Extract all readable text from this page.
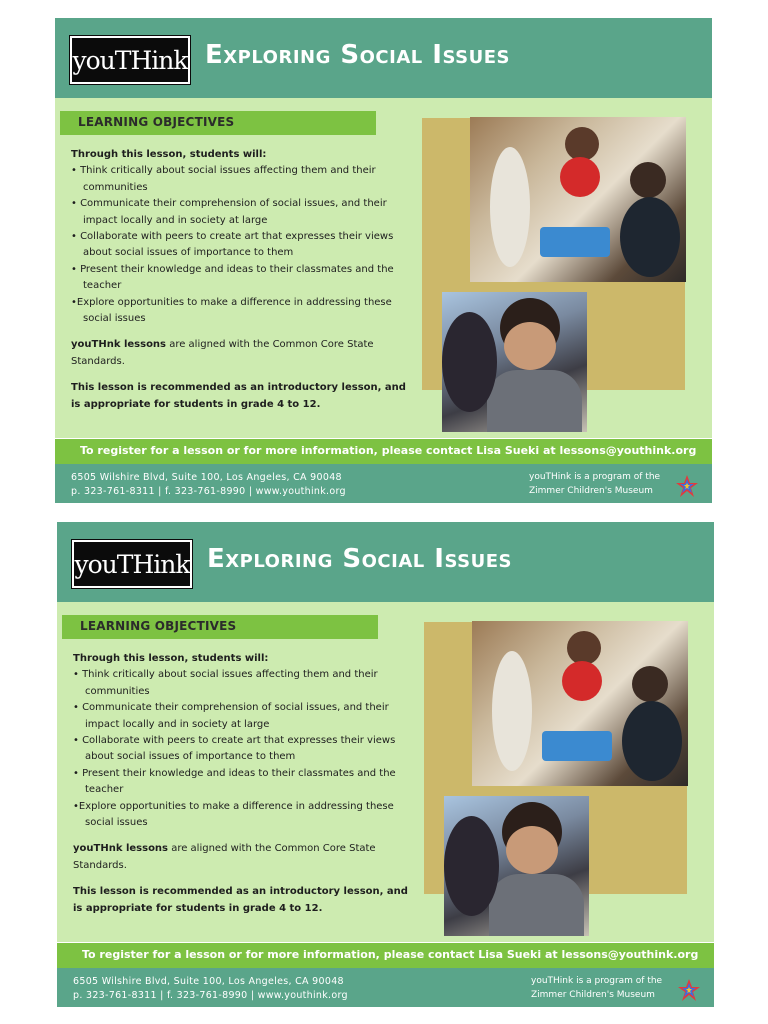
youTHink Exploring Social Issues
LEARNING OBJECTIVES

Through this lesson, students will:

• Think critically about social issues affecting them and their communities
• Communicate their comprehension of social issues, and their impact locally and in society at large
• Collaborate with peers to create art that expresses their views about social issues of importance to them
• Present their knowledge and ideas to their classmates and the teacher
•Explore opportunities to make a difference in addressing these social issues

youTHnk lessons are aligned with the Common Core State Standards.

This lesson is recommended as an introductory lesson, and is appropriate for students in grade 4 to 12.

To register for a lesson or for more information, please contact Lisa Sueki at lessons@youthink.org
6505 Wilshire Blvd, Suite 100, Los Angeles, CA 90048
p. 323-761-8311 | f. 323-761-8990 | www.youthink.org
youTHink is a program of the
Zimmer Children's Museum
youTHink Exploring Social Issues
LEARNING OBJECTIVES

Through this lesson, students will:

• Think critically about social issues affecting them and their communities
• Communicate their comprehension of social issues, and their impact locally and in society at large
• Collaborate with peers to create art that expresses their views about social issues of importance to them
• Present their knowledge and ideas to their classmates and the teacher
•Explore opportunities to make a difference in addressing these social issues

youTHnk lessons are aligned with the Common Core State Standards.

This lesson is recommended as an introductory lesson, and is appropriate for students in grade 4 to 12.

To register for a lesson or for more information, please contact Lisa Sueki at lessons@youthink.org
6505 Wilshire Blvd, Suite 100, Los Angeles, CA 90048
p. 323-761-8311 | f. 323-761-8990 | www.youthink.org
youTHink is a program of the
Zimmer Children's Museum
